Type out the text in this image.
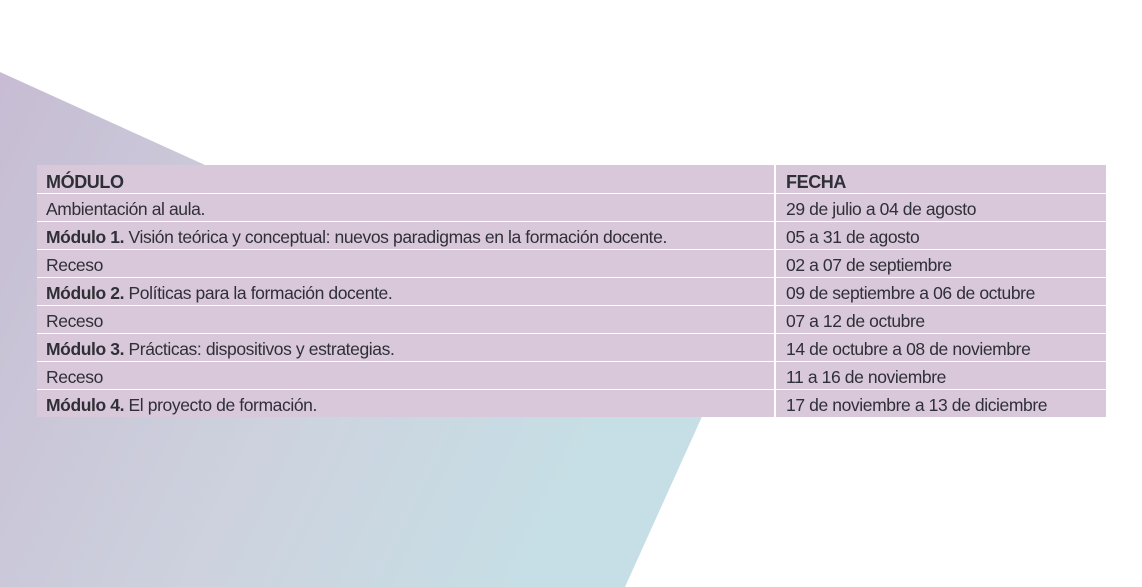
MÓDULO	FECHA
Ambientación al aula.	29 de julio a 04 de agosto
Módulo 1. Visión teórica y conceptual: nuevos paradigmas en la formación docente.	05 a 31 de agosto
Receso	02 a 07 de septiembre
Módulo 2. Políticas para la formación docente.	09 de septiembre a 06 de octubre
Receso	07 a 12 de octubre
Módulo 3. Prácticas: dispositivos y estrategias.	14 de octubre a 08 de noviembre
Receso	11 a 16 de noviembre
Módulo 4. El proyecto de formación.	17 de noviembre a 13 de diciembre
